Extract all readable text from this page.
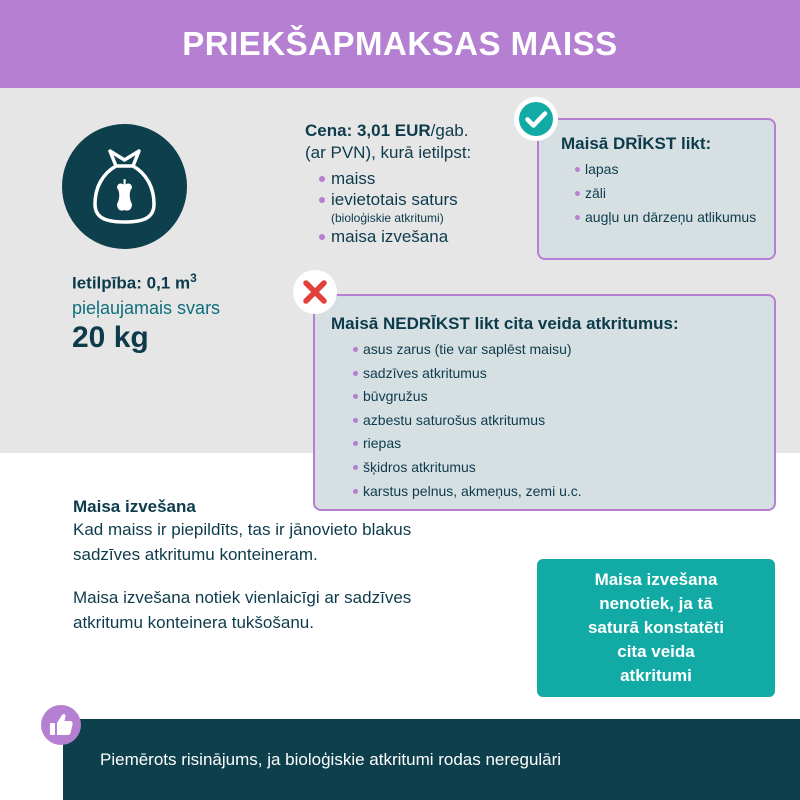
PRIEKŠAPMAKSAS MAISS
Ietilpība: 0,1 $m^3$
pieļaujamais svars
20 kg
Cena: 3,01 EUR/gab.
(ar PVN), kurā ietilpst:
maiss
ievietotais saturs
(bioloģiskie atkritumi)
maisa izvešana
Maisā DRĪKST likt:
lapas
zāli
augļu un dārzeņu atlikumus
Maisā NEDRĪKST likt cita veida atkritumus:
asus zarus (tie var saplēst maisu)
sadzīves atkritumus
būvgružus
azbestu saturošus atkritumus
riepas
šķidros atkritumus
karstus pelnus, akmeņus, zemi u.c.
Maisa izvešana

Kad maiss ir piepildīts, tas ir jānovieto blakus sadzīves atkritumu konteineram.

Maisa izvešana notiek vienlaicīgi ar sadzīves atkritumu konteinera tukšošanu.

Maisa izvešana
nenotiek, ja tā
saturā konstatēti
cita veida
atkritumi
Piemērots risinājums, ja bioloģiskie atkritumi rodas neregulāri
